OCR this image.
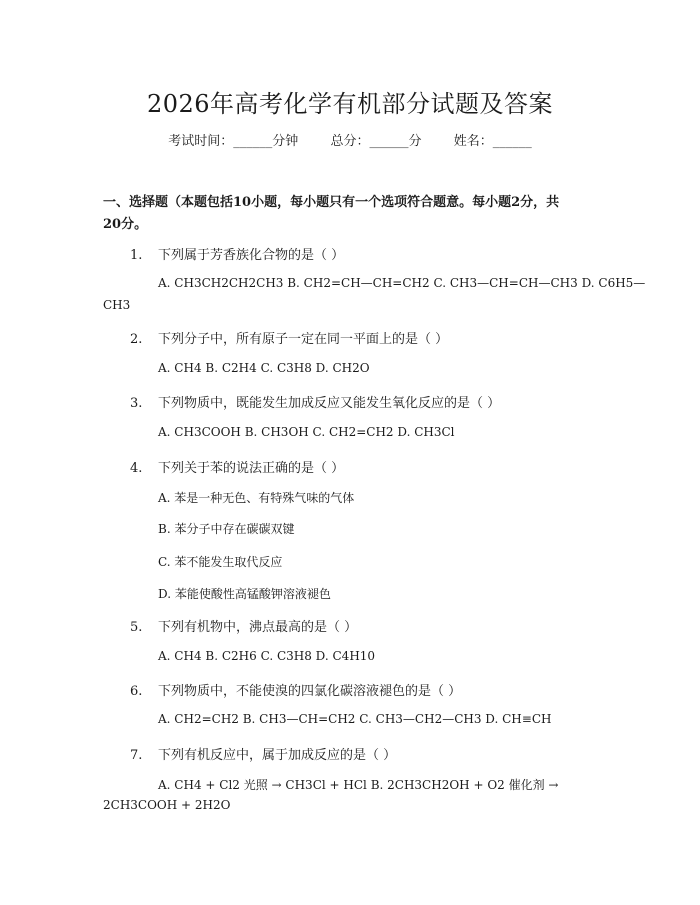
2026年高考化学有机部分试题及答案
考试时间：______分钟 总分：______分 姓名：______
一、选择题（本题包括10小题，每小题只有一个选项符合题意。每小题2分，共
20分。
1. 下列属于芳香族化合物的是（ ）
A. CH3CH2CH2CH3 B. CH2=CH—CH=CH2 C. CH3—CH=CH—CH3 D. C6H5—
CH3
2. 下列分子中，所有原子一定在同一平面上的是（ ）
A. CH4 B. C2H4 C. C3H8 D. CH2O
3. 下列物质中，既能发生加成反应又能发生氧化反应的是（ ）
A. CH3COOH B. CH3OH C. CH2=CH2 D. CH3Cl
4. 下列关于苯的说法正确的是（ ）
A. 苯是一种无色、有特殊气味的气体
B. 苯分子中存在碳碳双键
C. 苯不能发生取代反应
D. 苯能使酸性高锰酸钾溶液褪色
5. 下列有机物中，沸点最高的是（ ）
A. CH4 B. C2H6 C. C3H8 D. C4H10
6. 下列物质中，不能使溴的四氯化碳溶液褪色的是（ ）
A. CH2=CH2 B. CH3—CH=CH2 C. CH3—CH2—CH3 D. CH≡CH
7. 下列有机反应中，属于加成反应的是（ ）
A. CH4 + Cl2 光照 → CH3Cl + HCl B. 2CH3CH2OH + O2 催化剂 →
2CH3COOH + 2H2O
